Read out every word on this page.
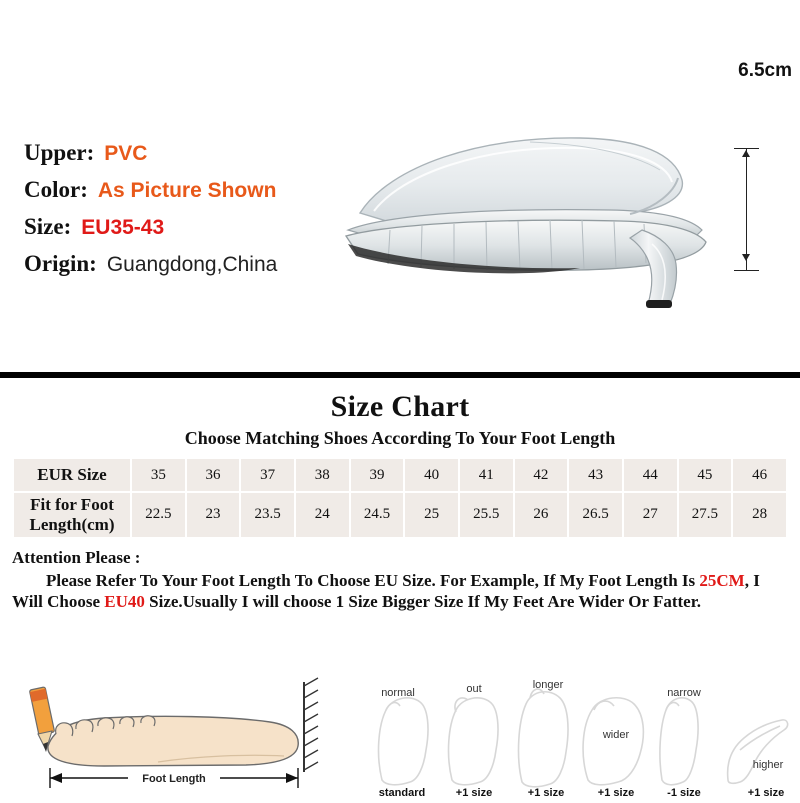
Upper: PVC
Color: As Picture Shown
Size: EU35-43
Origin: Guangdong,China
6.5cm
Size Chart
Choose Matching Shoes According To Your Foot Length
EUR Size	35	36	37	38	39	40	41	42	43	44	45	46
Fit for Foot Length(cm)	22.5	23	23.5	24	24.5	25	25.5	26	26.5	27	27.5	28
Attention Please :
Please Refer To Your Foot Length To Choose EU Size. For Example, If My Foot Length Is 25CM, I Will Choose EU40 Size.Usually I will choose 1 Size Bigger Size If My Feet Are Wider Or Fatter.
Foot Length
normal	out	longer
wider
narrow
higher
standard	+1 size	+1 size	+1 size	-1 size	+1 size
